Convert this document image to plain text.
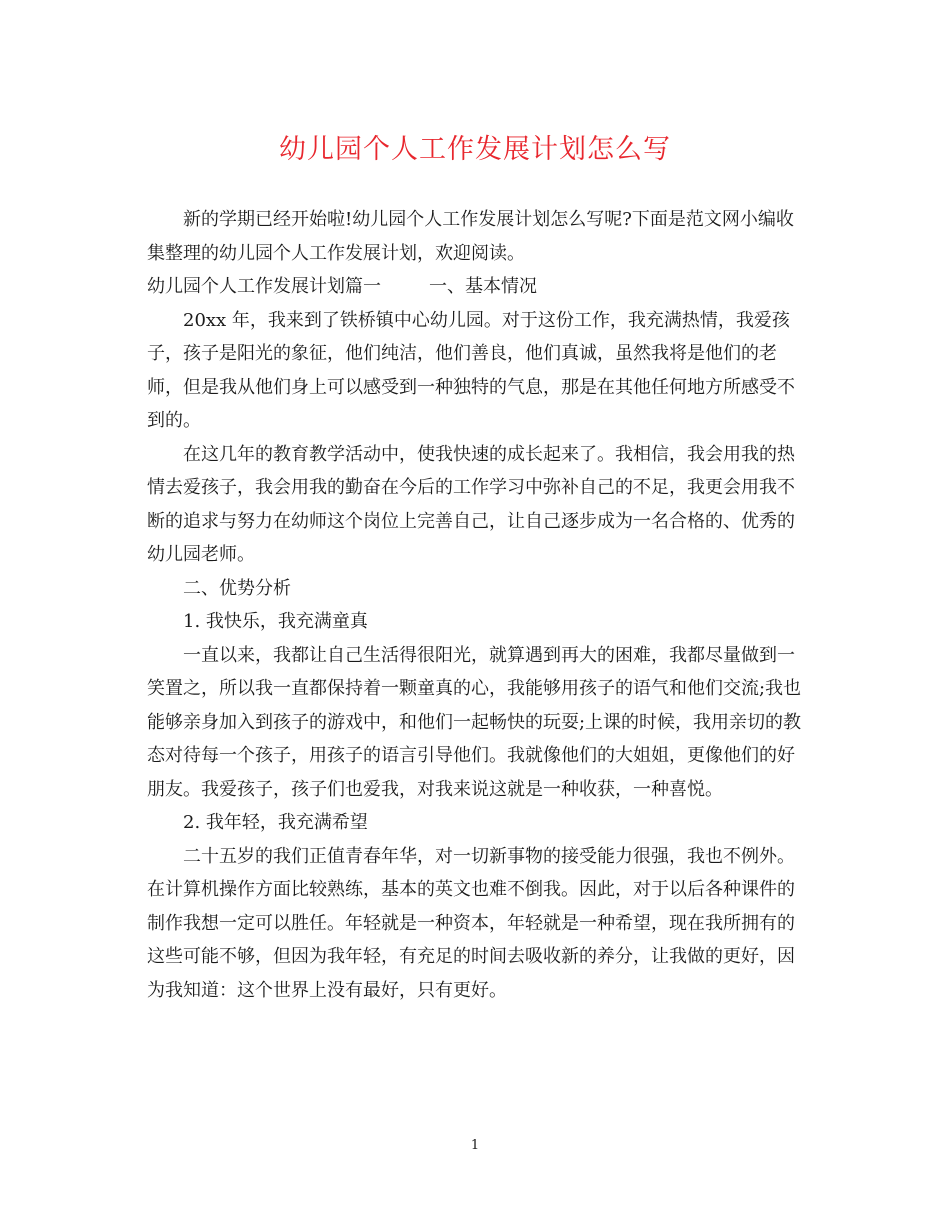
幼儿园个人工作发展计划怎么写

新的学期已经开始啦!幼儿园个人工作发展计划怎么写呢?下面是范文网小编收集整理的幼儿园个人工作发展计划，欢迎阅读。

幼儿园个人工作发展计划篇一	一、基本情况

20xx 年，我来到了铁桥镇中心幼儿园。对于这份工作，我充满热情，我爱孩子，孩子是阳光的象征，他们纯洁，他们善良，他们真诚，虽然我将是他们的老师，但是我从他们身上可以感受到一种独特的气息，那是在其他任何地方所感受不到的。

在这几年的教育教学活动中，使我快速的成长起来了。我相信，我会用我的热情去爱孩子，我会用我的勤奋在今后的工作学习中弥补自己的不足，我更会用我不断的追求与努力在幼师这个岗位上完善自己，让自己逐步成为一名合格的、优秀的幼儿园老师。

二、优势分析

1. 我快乐，我充满童真

一直以来，我都让自己生活得很阳光，就算遇到再大的困难，我都尽量做到一笑置之，所以我一直都保持着一颗童真的心，我能够用孩子的语气和他们交流;我也能够亲身加入到孩子的游戏中，和他们一起畅快的玩耍;上课的时候，我用亲切的教态对待每一个孩子，用孩子的语言引导他们。我就像他们的大姐姐，更像他们的好朋友。我爱孩子，孩子们也爱我，对我来说这就是一种收获，一种喜悦。

2. 我年轻，我充满希望

二十五岁的我们正值青春年华，对一切新事物的接受能力很强，我也不例外。在计算机操作方面比较熟练，基本的英文也难不倒我。因此，对于以后各种课件的制作我想一定可以胜任。年轻就是一种资本，年轻就是一种希望，现在我所拥有的这些可能不够，但因为我年轻，有充足的时间去吸收新的养分，让我做的更好，因为我知道：这个世界上没有最好，只有更好。

1
